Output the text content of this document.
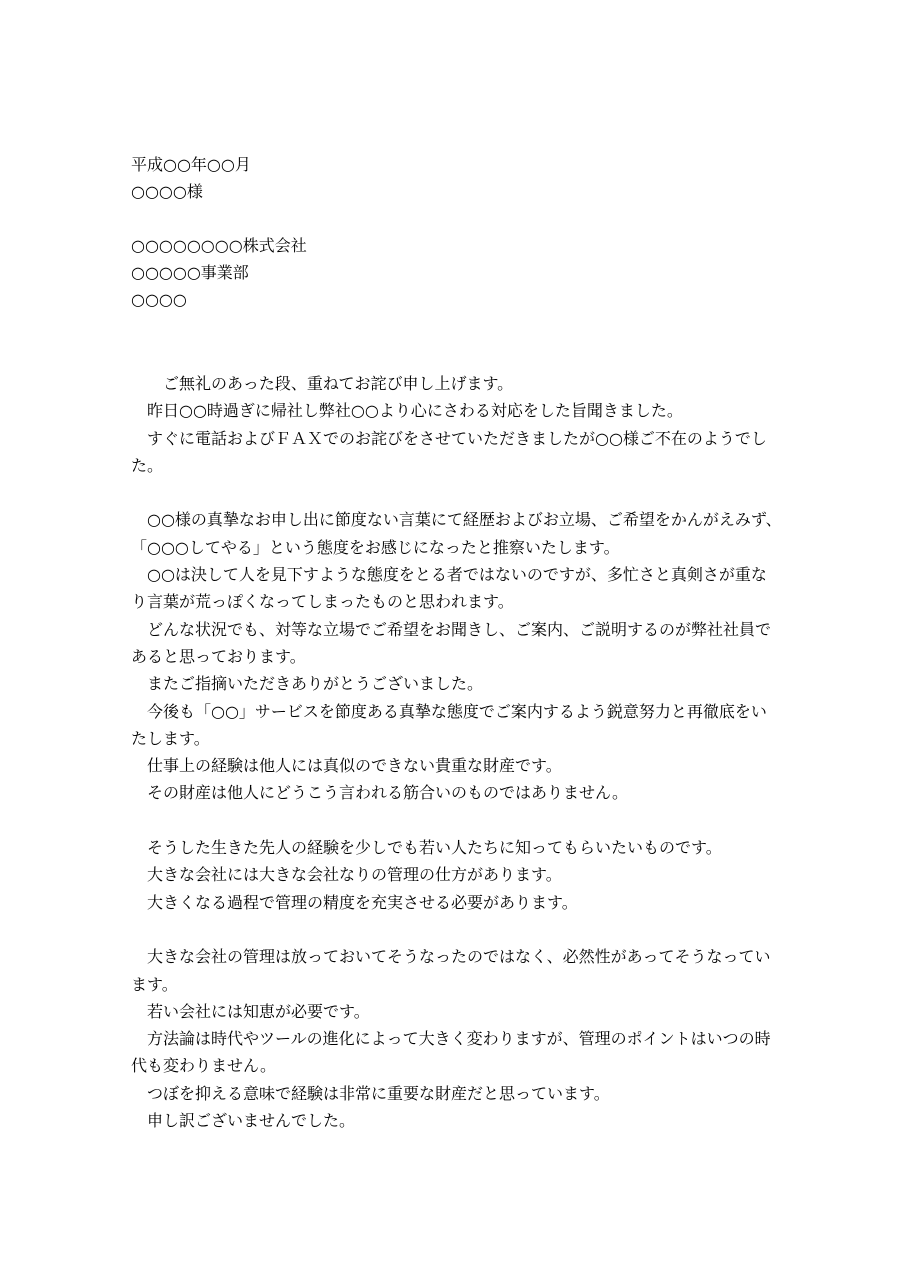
平成○○年○○月
○○○○様
○○○○○○○○株式会社
○○○○○事業部
○○○○
　　ご無礼のあった段、重ねてお詫び申し上げます。
　昨日○○時過ぎに帰社し弊社○○より心にさわる対応をした旨聞きました。
　すぐに電話およびＦＡＸでのお詫びをさせていただきましたが○○様ご不在のようでし
た。
　○○様の真摯なお申し出に節度ない言葉にて経歴およびお立場、ご希望をかんがえみず、
「○○○してやる」という態度をお感じになったと推察いたします。
　○○は決して人を見下すような態度をとる者ではないのですが、多忙さと真剣さが重な
り言葉が荒っぽくなってしまったものと思われます。
　どんな状況でも、対等な立場でご希望をお聞きし、ご案内、ご説明するのが弊社社員で
あると思っております。
　またご指摘いただきありがとうございました。
　今後も「○○」サービスを節度ある真摯な態度でご案内するよう鋭意努力と再徹底をい
たします。
　仕事上の経験は他人には真似のできない貴重な財産です。
　その財産は他人にどうこう言われる筋合いのものではありません。
　そうした生きた先人の経験を少しでも若い人たちに知ってもらいたいものです。
　大きな会社には大きな会社なりの管理の仕方があります。
　大きくなる過程で管理の精度を充実させる必要があります。
　大きな会社の管理は放っておいてそうなったのではなく、必然性があってそうなってい
ます。
　若い会社には知恵が必要です。
　方法論は時代やツールの進化によって大きく変わりますが、管理のポイントはいつの時
代も変わりません。
　つぼを抑える意味で経験は非常に重要な財産だと思っています。
　申し訳ございませんでした。
